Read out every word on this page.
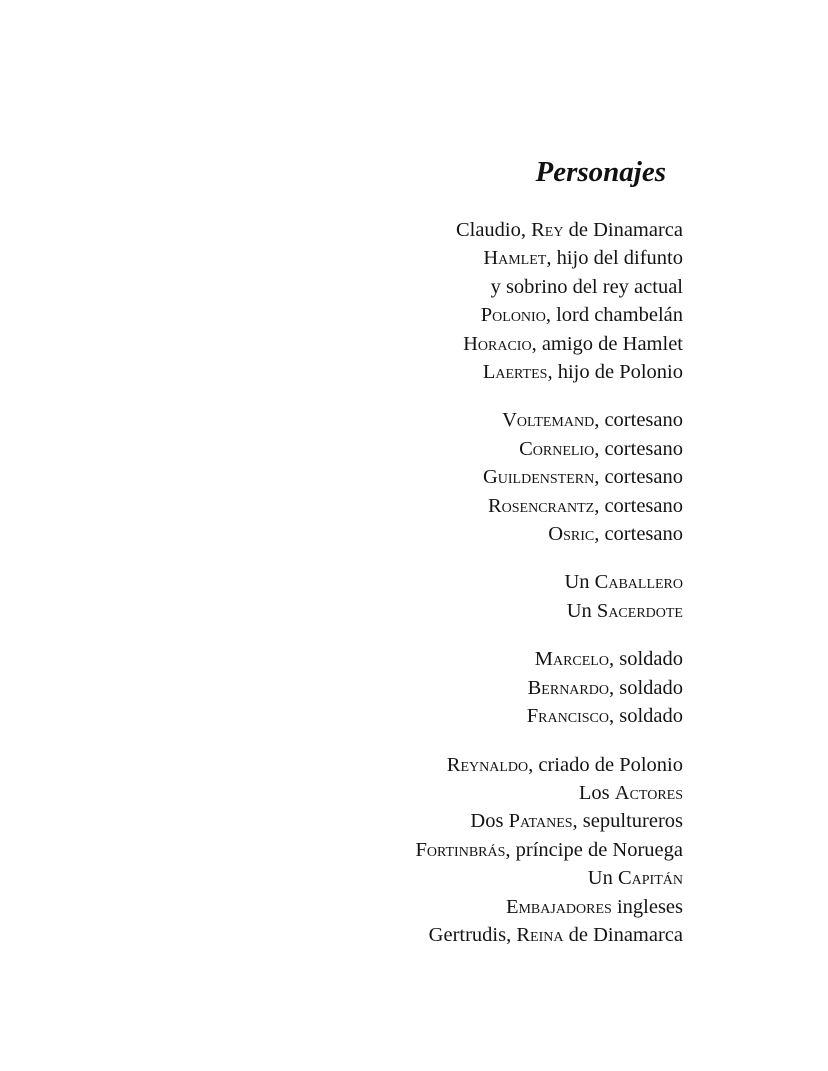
Personajes
Claudio, Rey de Dinamarca
Hamlet, hijo del difunto
y sobrino del rey actual
Polonio, lord chambelán
Horacio, amigo de Hamlet
Laertes, hijo de Polonio
Voltemand, cortesano
Cornelio, cortesano
Guildenstern, cortesano
Rosencrantz, cortesano
Osric, cortesano
Un Caballero
Un Sacerdote
Marcelo, soldado
Bernardo, soldado
Francisco, soldado
Reynaldo, criado de Polonio
Los Actores
Dos Patanes, sepultureros
Fortinbrás, príncipe de Noruega
Un Capitán
Embajadores ingleses
Gertrudis, Reina de Dinamarca
